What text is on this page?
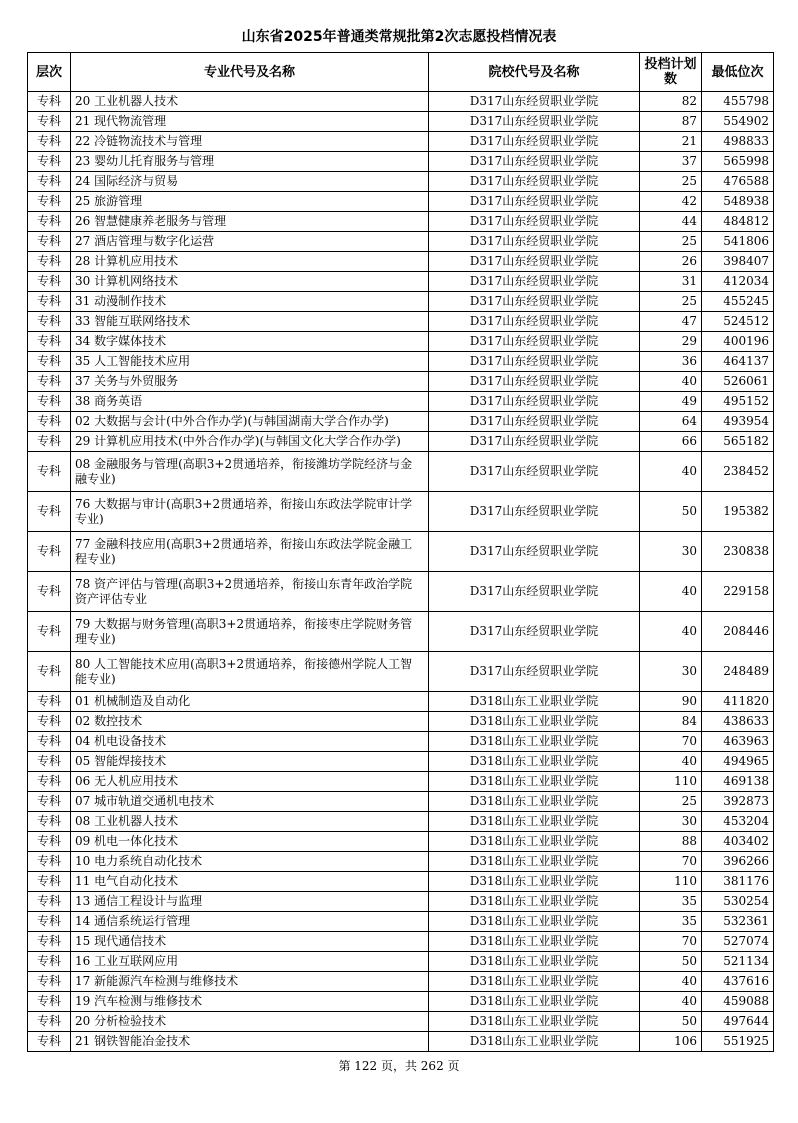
山东省2025年普通类常规批第2次志愿投档情况表
层次	专业代号及名称	院校代号及名称	投档计划数	最低位次
专科	20 工业机器人技术	D317山东经贸职业学院	82	455798
专科	21 现代物流管理	D317山东经贸职业学院	87	554902
专科	22 冷链物流技术与管理	D317山东经贸职业学院	21	498833
专科	23 婴幼儿托育服务与管理	D317山东经贸职业学院	37	565998
专科	24 国际经济与贸易	D317山东经贸职业学院	25	476588
专科	25 旅游管理	D317山东经贸职业学院	42	548938
专科	26 智慧健康养老服务与管理	D317山东经贸职业学院	44	484812
专科	27 酒店管理与数字化运营	D317山东经贸职业学院	25	541806
专科	28 计算机应用技术	D317山东经贸职业学院	26	398407
专科	30 计算机网络技术	D317山东经贸职业学院	31	412034
专科	31 动漫制作技术	D317山东经贸职业学院	25	455245
专科	33 智能互联网络技术	D317山东经贸职业学院	47	524512
专科	34 数字媒体技术	D317山东经贸职业学院	29	400196
专科	35 人工智能技术应用	D317山东经贸职业学院	36	464137
专科	37 关务与外贸服务	D317山东经贸职业学院	40	526061
专科	38 商务英语	D317山东经贸职业学院	49	495152
专科	02 大数据与会计(中外合作办学)(与韩国湖南大学合作办学)	D317山东经贸职业学院	64	493954
专科	29 计算机应用技术(中外合作办学)(与韩国文化大学合作办学)	D317山东经贸职业学院	66	565182
专科	08 金融服务与管理(高职3+2贯通培养，衔接潍坊学院经济与金融专业)	D317山东经贸职业学院	40	238452
专科	76 大数据与审计(高职3+2贯通培养，衔接山东政法学院审计学专业)	D317山东经贸职业学院	50	195382
专科	77 金融科技应用(高职3+2贯通培养，衔接山东政法学院金融工程专业)	D317山东经贸职业学院	30	230838
专科	78 资产评估与管理(高职3+2贯通培养，衔接山东青年政治学院资产评估专业	D317山东经贸职业学院	40	229158
专科	79 大数据与财务管理(高职3+2贯通培养，衔接枣庄学院财务管理专业)	D317山东经贸职业学院	40	208446
专科	80 人工智能技术应用(高职3+2贯通培养，衔接德州学院人工智能专业)	D317山东经贸职业学院	30	248489
专科	01 机械制造及自动化	D318山东工业职业学院	90	411820
专科	02 数控技术	D318山东工业职业学院	84	438633
专科	04 机电设备技术	D318山东工业职业学院	70	463963
专科	05 智能焊接技术	D318山东工业职业学院	40	494965
专科	06 无人机应用技术	D318山东工业职业学院	110	469138
专科	07 城市轨道交通机电技术	D318山东工业职业学院	25	392873
专科	08 工业机器人技术	D318山东工业职业学院	30	453204
专科	09 机电一体化技术	D318山东工业职业学院	88	403402
专科	10 电力系统自动化技术	D318山东工业职业学院	70	396266
专科	11 电气自动化技术	D318山东工业职业学院	110	381176
专科	13 通信工程设计与监理	D318山东工业职业学院	35	530254
专科	14 通信系统运行管理	D318山东工业职业学院	35	532361
专科	15 现代通信技术	D318山东工业职业学院	70	527074
专科	16 工业互联网应用	D318山东工业职业学院	50	521134
专科	17 新能源汽车检测与维修技术	D318山东工业职业学院	40	437616
专科	19 汽车检测与维修技术	D318山东工业职业学院	40	459088
专科	20 分析检验技术	D318山东工业职业学院	50	497644
专科	21 钢铁智能冶金技术	D318山东工业职业学院	106	551925
第 122 页，共 262 页
